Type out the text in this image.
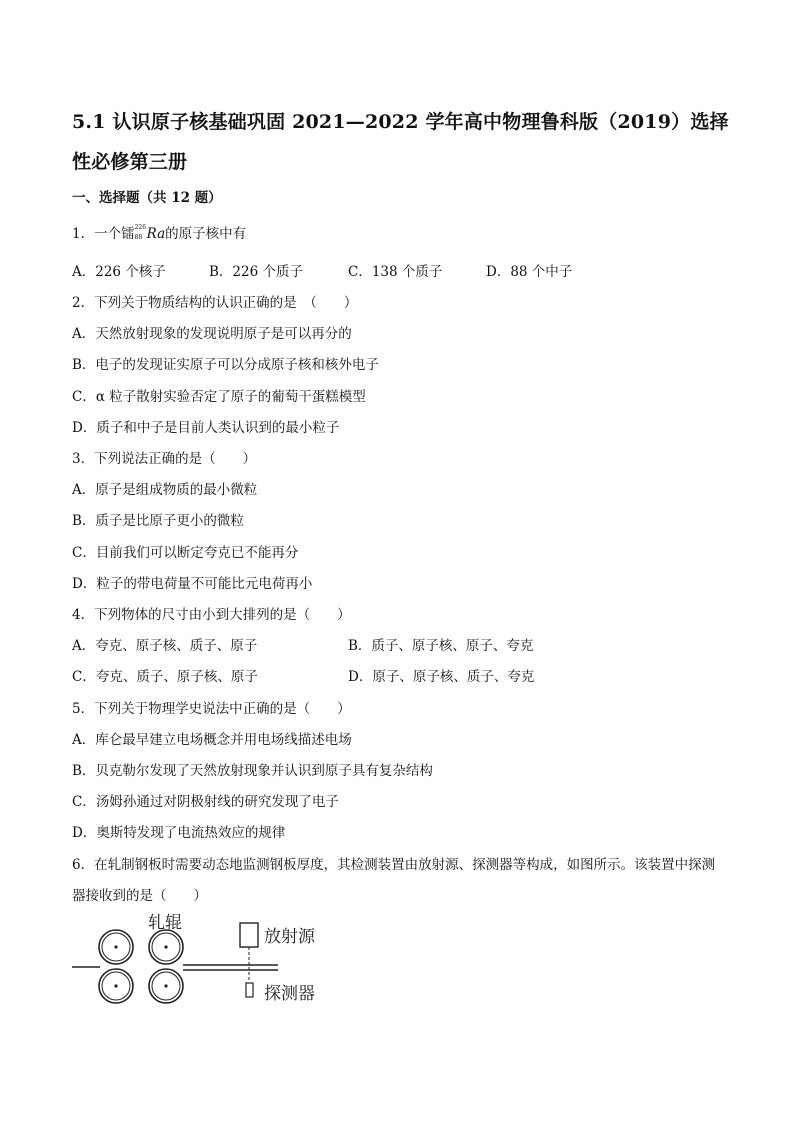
5.1 认识原子核基础巩固 2021—2022 学年高中物理鲁科版（2019）选择性必修第三册
一、选择题（共 12 题）
1．一个镭 226
88 Ra的原子核中有
A．226 个核子	B．226 个质子	C．138 个质子	D．88 个中子
2．下列关于物质结构的认识正确的是　（　　）
A．天然放射现象的发现说明原子是可以再分的
B．电子的发现证实原子可以分成原子核和核外电子
C．α 粒子散射实验否定了原子的葡萄干蛋糕模型
D．质子和中子是目前人类认识到的最小粒子
3．下列说法正确的是（　　）
A．原子是组成物质的最小微粒
B．质子是比原子更小的微粒
C．目前我们可以断定夸克已不能再分
D．粒子的带电荷量不可能比元电荷再小
4．下列物体的尺寸由小到大排列的是（　　）
A．夸克、原子核、质子、原子	B．质子、原子核、原子、夸克
C．夸克、质子、原子核、原子	D．原子、原子核、质子、夸克
5．下列关于物理学史说法中正确的是（　　）
A．库仑最早建立电场概念并用电场线描述电场
B．贝克勒尔发现了天然放射现象并认识到原子具有复杂结构
C．汤姆孙通过对阴极射线的研究发现了电子
D．奥斯特发现了电流热效应的规律
6．在轧制钢板时需要动态地监测钢板厚度，其检测装置由放射源、探测器等构成，如图所示。该装置中探测器接收到的是（　　）
轧辊
放射源
探测器
